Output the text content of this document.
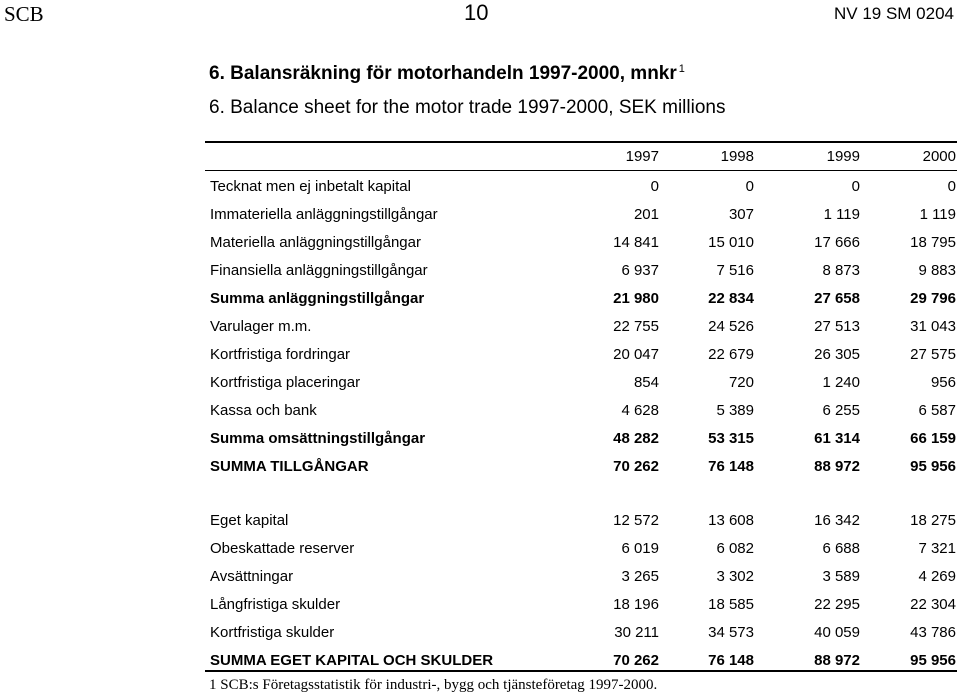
SCB	10	NV 19 SM 0204
6. Balansräkning för motorhandeln 1997-2000, mnkr $^1$
6. Balance sheet for the motor trade 1997-2000, SEK millions
1997	1998	1999	2000
Tecknat men ej inbetalt kapital	0	0	0	0
Immateriella anläggningstillgångar	201	307	1 119	1 119
Materiella anläggningstillgångar	14 841	15 010	17 666	18 795
Finansiella anläggningstillgångar	6 937	7 516	8 873	9 883
Summa anläggningstillgångar	21 980	22 834	27 658	29 796
Varulager m.m.	22 755	24 526	27 513	31 043
Kortfristiga fordringar	20 047	22 679	26 305	27 575
Kortfristiga placeringar	854	720	1 240	956
Kassa och bank	4 628	5 389	6 255	6 587
Summa omsättningstillgångar	48 282	53 315	61 314	66 159
SUMMA TILLGÅNGAR	70 262	76 148	88 972	95 956
Eget kapital	12 572	13 608	16 342	18 275
Obeskattade reserver	6 019	6 082	6 688	7 321
Avsättningar	3 265	3 302	3 589	4 269
Långfristiga skulder	18 196	18 585	22 295	22 304
Kortfristiga skulder	30 211	34 573	40 059	43 786
SUMMA EGET KAPITAL OCH SKULDER	70 262	76 148	88 972	95 956
1 SCB:s Företagsstatistik för industri-, bygg och tjänsteföretag 1997-2000.
